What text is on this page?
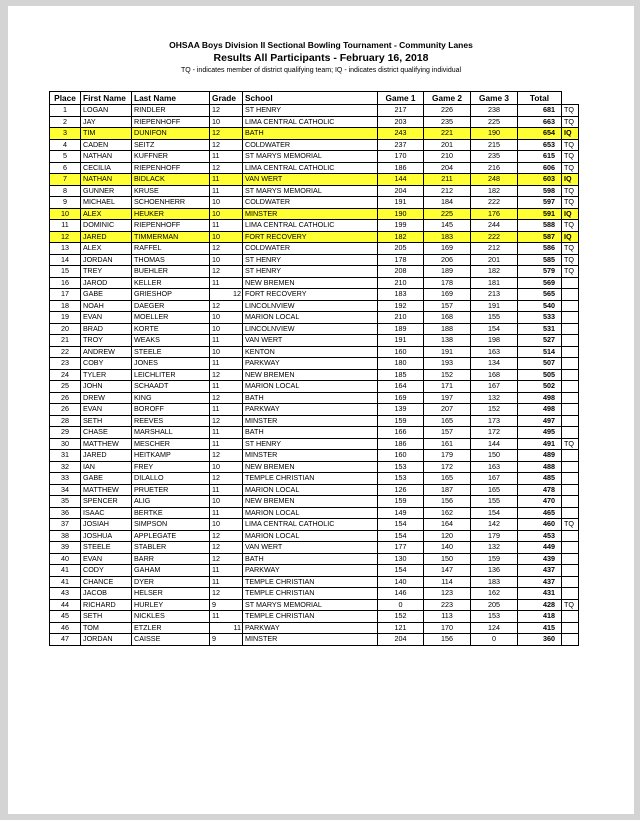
OHSAA Boys Division II Sectional Bowling Tournament - Community Lanes
Results All Participants - February 16, 2018
TQ - indicates member of district qualifying team; IQ - indicates district qualifying individual
Place	First Name	Last Name	Grade	School	Game 1	Game 2	Game 3	Total	
1	LOGAN	RINDLER	12	ST HENRY	217	226	238	681	TQ
2	JAY	RIEPENHOFF	10	LIMA CENTRAL CATHOLIC	203	235	225	663	TQ
3	TIM	DUNIFON	12	BATH	243	221	190	654	IQ
4	CADEN	SEITZ	12	COLDWATER	237	201	215	653	TQ
5	NATHAN	KUFFNER	11	ST MARYS MEMORIAL	170	210	235	615	TQ
6	CECILIA	RIEPENHOFF	12	LIMA CENTRAL CATHOLIC	186	204	216	606	TQ
7	NATHAN	BIDLACK	11	VAN WERT	144	211	248	603	IQ
8	GUNNER	KRUSE	11	ST MARYS MEMORIAL	204	212	182	598	TQ
9	MICHAEL	SCHOENHERR	10	COLDWATER	191	184	222	597	TQ
10	ALEX	HEUKER	10	MINSTER	190	225	176	591	IQ
11	DOMINIC	RIEPENHOFF	11	LIMA CENTRAL CATHOLIC	199	145	244	588	TQ
12	JARED	TIMMERMAN	10	FORT RECOVERY	182	183	222	587	IQ
13	ALEX	RAFFEL	12	COLDWATER	205	169	212	586	TQ
14	JORDAN	THOMAS	10	ST HENRY	178	206	201	585	TQ
15	TREY	BUEHLER	12	ST HENRY	208	189	182	579	TQ
16	JAROD	KELLER	11	NEW BREMEN	210	178	181	569	
17	GABE	GRIESHOP	12	FORT RECOVERY	183	169	213	565	
18	NOAH	DAEGER	12	LINCOLNVIEW	192	157	191	540	
19	EVAN	MOELLER	10	MARION LOCAL	210	168	155	533	
20	BRAD	KORTE	10	LINCOLNVIEW	189	188	154	531	
21	TROY	WEAKS	11	VAN WERT	191	138	198	527	
22	ANDREW	STEELE	10	KENTON	160	191	163	514	
23	COBY	JONES	11	PARKWAY	180	193	134	507	
24	TYLER	LEICHLITER	12	NEW BREMEN	185	152	168	505	
25	JOHN	SCHAADT	11	MARION LOCAL	164	171	167	502	
26	DREW	KING	12	BATH	169	197	132	498	
26	EVAN	BOROFF	11	PARKWAY	139	207	152	498	
28	SETH	REEVES	12	MINSTER	159	165	173	497	
29	CHASE	MARSHALL	11	BATH	166	157	172	495	
30	MATTHEW	MESCHER	11	ST HENRY	186	161	144	491	TQ
31	JARED	HEITKAMP	12	MINSTER	160	179	150	489	
32	IAN	FREY	10	NEW BREMEN	153	172	163	488	
33	GABE	DILALLO	12	TEMPLE CHRISTIAN	153	165	167	485	
34	MATTHEW	PRUETER	11	MARION LOCAL	126	187	165	478	
35	SPENCER	ALIG	10	NEW BREMEN	159	156	155	470	
36	ISAAC	BERTKE	11	MARION LOCAL	149	162	154	465	
37	JOSIAH	SIMPSON	10	LIMA CENTRAL CATHOLIC	154	164	142	460	TQ
38	JOSHUA	APPLEGATE	12	MARION LOCAL	154	120	179	453	
39	STEELE	STABLER	12	VAN WERT	177	140	132	449	
40	EVAN	BARR	12	BATH	130	150	159	439	
41	CODY	GAHAM	11	PARKWAY	154	147	136	437	
41	CHANCE	DYER	11	TEMPLE CHRISTIAN	140	114	183	437	
43	JACOB	HELSER	12	TEMPLE CHRISTIAN	146	123	162	431	
44	RICHARD	HURLEY	9	ST MARYS MEMORIAL	0	223	205	428	TQ
45	SETH	NICKLES	11	TEMPLE CHRISTIAN	152	113	153	418	
46	TOM	ETZLER	11	PARKWAY	121	170	124	415	
47	JORDAN	CAISSE	9	MINSTER	204	156	0	360	
